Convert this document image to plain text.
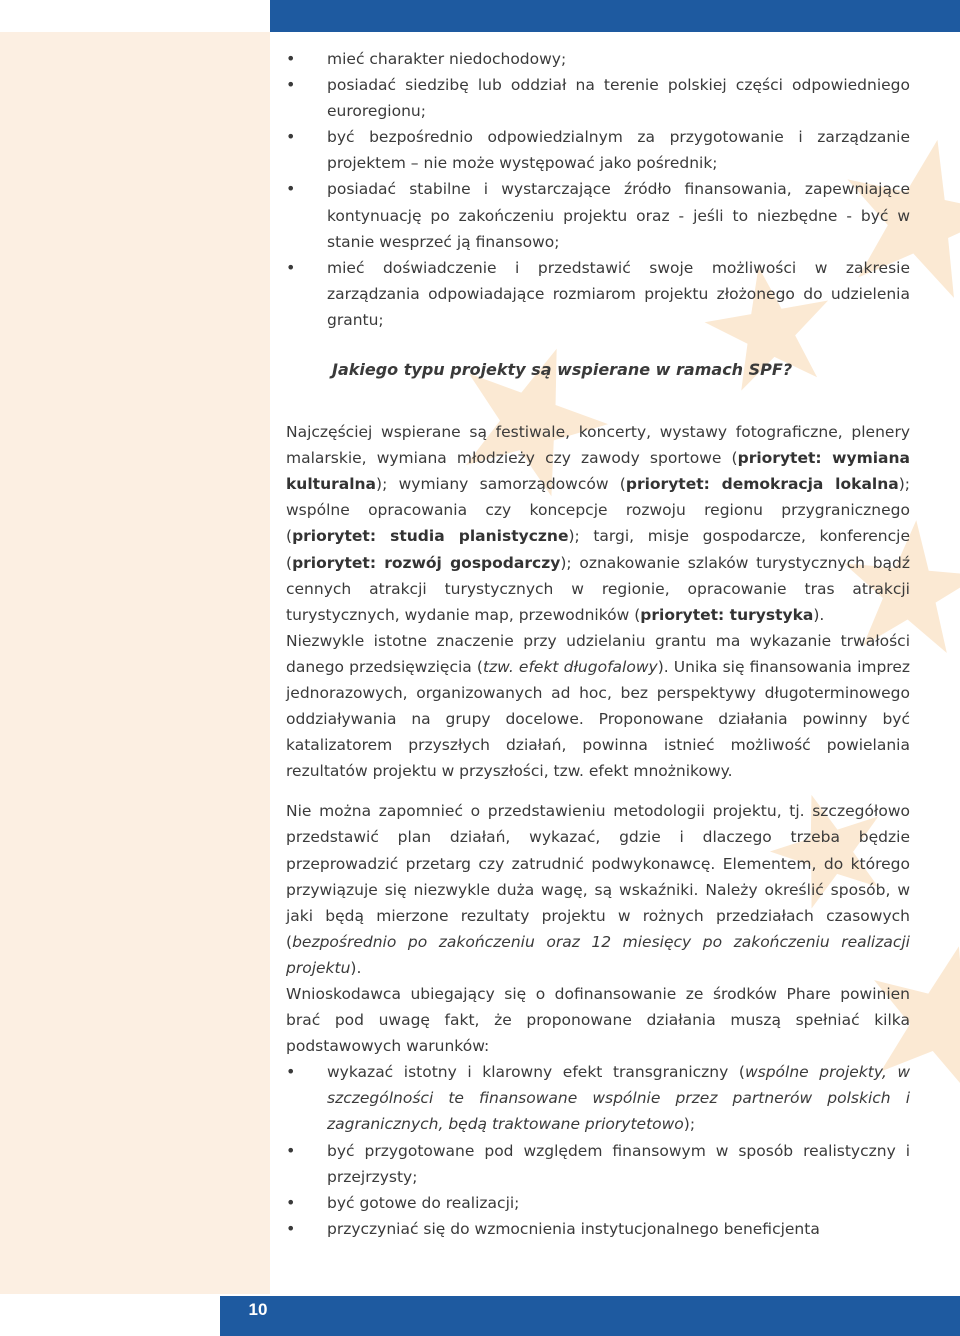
• mieć charakter niedochodowy;
• posiadać siedzibę lub oddział na terenie polskiej części odpowiedniego euroregionu;
• być bezpośrednio odpowiedzialnym za przygotowanie i zarządzanie projektem – nie może występować jako pośrednik;
• posiadać stabilne i wystarczające źródło finansowania, zapewniające kontynuację po zakończeniu projektu oraz - jeśli to niezbędne - być w stanie wesprzeć ją finansowo;
• mieć doświadczenie i przedstawić swoje możliwości w zakresie zarządzania odpowiadające rozmiarom projektu złożonego do udzielenia grantu;
Jakiego typu projekty są wspierane w ramach SPF?

Najczęściej wspierane są festiwale, koncerty, wystawy fotograficzne, plenery malarskie, wymiana młodzieży czy zawody sportowe (priorytet: wymiana kulturalna); wymiany samorządowców (priorytet: demokracja lokalna); wspólne opracowania czy koncepcje rozwoju regionu przygranicznego (priorytet: studia planistyczne); targi, misje gospodarcze, konferencje (priorytet: rozwój gospodarczy); oznakowanie szlaków turystycznych bądź cennych atrakcji turystycznych w regionie, opracowanie tras atrakcji turystycznych, wydanie map, przewodników (priorytet: turystyka).

Niezwykle istotne znaczenie przy udzielaniu grantu ma wykazanie trwałości danego przedsięwzięcia (tzw. efekt długofalowy). Unika się finansowania imprez jednorazowych, organizowanych ad hoc, bez perspektywy długoterminowego oddziaływania na grupy docelowe. Proponowane działania powinny być katalizatorem przyszłych działań, powinna istnieć możliwość powielania rezultatów projektu w przyszłości, tzw. efekt mnożnikowy.

Nie można zapomnieć o przedstawieniu metodologii projektu, tj. szczegółowo przedstawić plan działań, wykazać, gdzie i dlaczego trzeba będzie przeprowadzić przetarg czy zatrudnić podwykonawcę. Elementem, do którego przywiązuje się niezwykle duża wagę, są wskaźniki. Należy określić sposób, w jaki będą mierzone rezultaty projektu w rożnych przedziałach czasowych (bezpośrednio po zakończeniu oraz 12 miesięcy po zakończeniu realizacji projektu).

Wnioskodawca ubiegający się o dofinansowanie ze środków Phare powinien brać pod uwagę fakt, że proponowane działania muszą spełniać kilka podstawowych warunków:

• wykazać istotny i klarowny efekt transgraniczny (wspólne projekty, w szczególności te finansowane wspólnie przez partnerów polskich i zagranicznych, będą traktowane priorytetowo);
• być przygotowane pod względem finansowym w sposób realistyczny i przejrzysty;
• być gotowe do realizacji;
• przyczyniać się do wzmocnienia instytucjonalnego beneficjenta
10
